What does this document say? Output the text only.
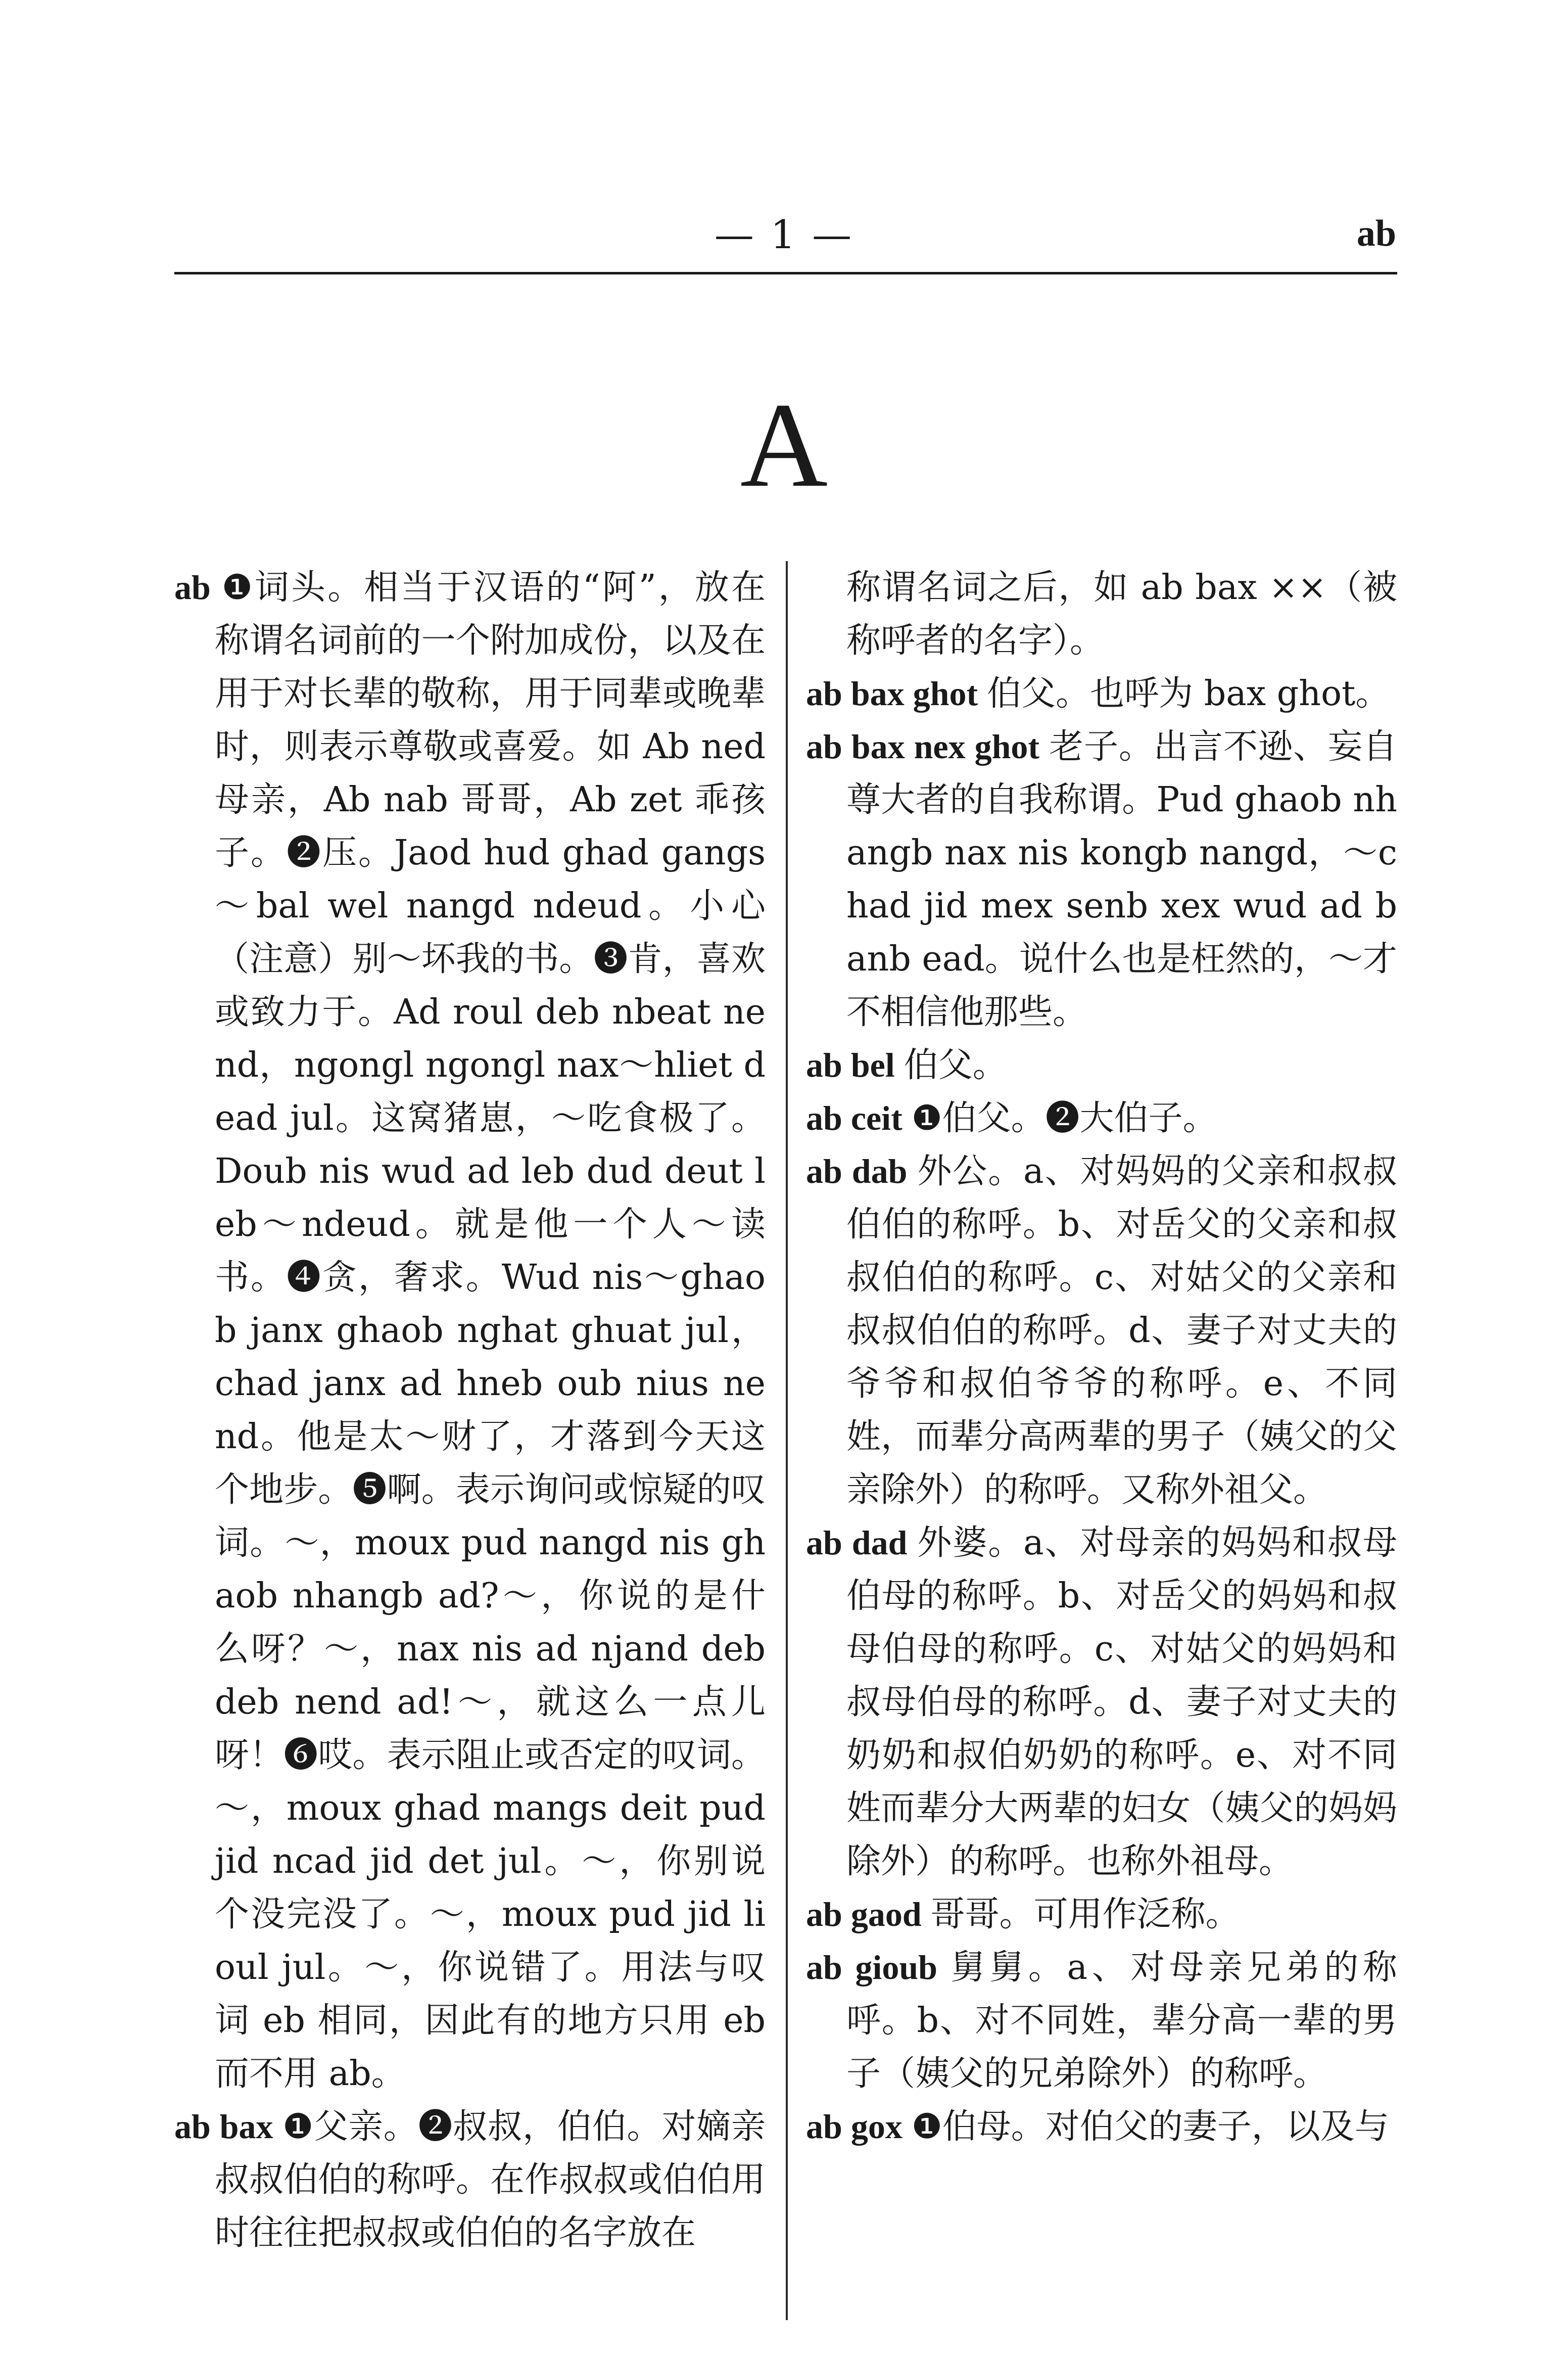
— 1 —	ab
A

ab ❶词头。相当于汉语的“阿”，放在称谓名词前的一个附加成份，以及在用于对长辈的敬称，用于同辈或晚辈时，则表示尊敬或喜爱。如 Ab ned 母亲，Ab nab 哥哥，Ab zet 乖孩子。❷压。Jaod hud ghad gangs ～bal wel nangd ndeud。小心（注意）别～坏我的书。❸肯，喜欢或致力于。Ad roul deb nbeat nend，ngongl ngongl nax～hliet dead jul。这窝猪崽，～吃食极了。Doub nis wud ad leb dud deut leb～ndeud。就是他一个人～读书。❹贪，奢求。Wud nis～ghaob janx ghaob nghat ghuat jul，chad janx ad hneb oub nius nend。他是太～财了，才落到今天这个地步。❺啊。表示询问或惊疑的叹词。～，moux pud nangd nis ghaob nhangb ad?～，你说的是什么呀？～，nax nis ad njand deb deb nend ad!～，就这么一点儿呀！❻哎。表示阻止或否定的叹词。～，moux ghad mangs deit pud jid ncad jid det jul。～，你别说个没完没了。～，moux pud jid lioul jul。～，你说错了。用法与叹词 eb 相同，因此有的地方只用 eb 而不用 ab。

ab bax ❶父亲。❷叔叔，伯伯。对嫡亲叔叔伯伯的称呼。在作叔叔或伯伯用时往往把叔叔或伯伯的名字放在

称谓名词之后，如 ab bax ××（被称呼者的名字）。

ab bax ghot 伯父。也呼为 bax ghot。

ab bax nex ghot 老子。出言不逊、妄自尊大者的自我称谓。Pud ghaob nhangb nax nis kongb nangd，～chad jid mex senb xex wud ad banb ead。说什么也是枉然的，～才不相信他那些。

ab bel 伯父。

ab ceit ❶伯父。❷大伯子。

ab dab 外公。a、对妈妈的父亲和叔叔伯伯的称呼。b、对岳父的父亲和叔叔伯伯的称呼。c、对姑父的父亲和叔叔伯伯的称呼。d、妻子对丈夫的爷爷和叔伯爷爷的称呼。e、不同姓，而辈分高两辈的男子（姨父的父亲除外）的称呼。又称外祖父。

ab dad 外婆。a、对母亲的妈妈和叔母伯母的称呼。b、对岳父的妈妈和叔母伯母的称呼。c、对姑父的妈妈和叔母伯母的称呼。d、妻子对丈夫的奶奶和叔伯奶奶的称呼。e、对不同姓而辈分大两辈的妇女（姨父的妈妈除外）的称呼。也称外祖母。

ab gaod 哥哥。可用作泛称。

ab gioub 舅舅。a、对母亲兄弟的称呼。b、对不同姓，辈分高一辈的男子（姨父的兄弟除外）的称呼。

ab gox ❶伯母。对伯父的妻子，以及与
